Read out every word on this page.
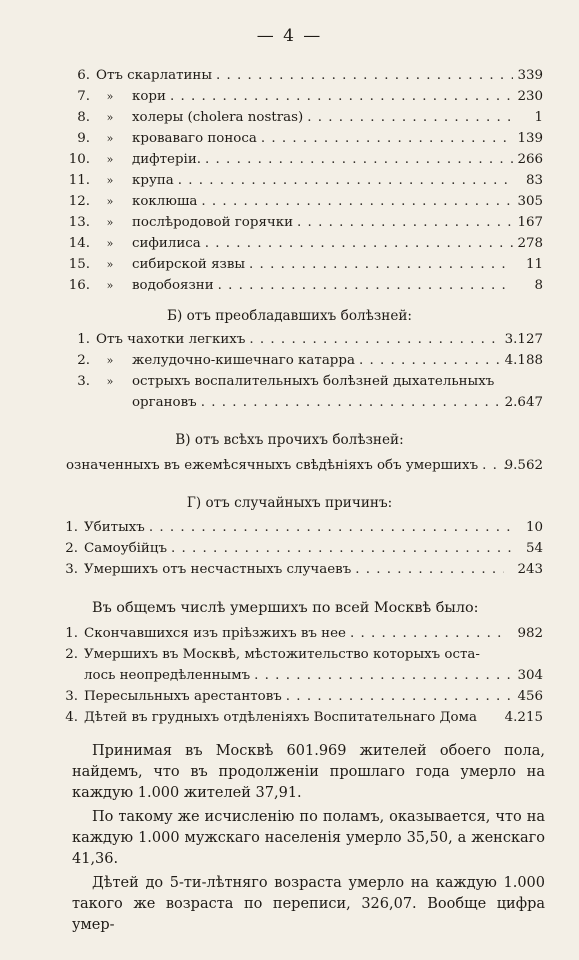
— 4 —
6. Отъ скарлатины . . .	339
7.	»	кори . . .	230
8.	»	холеры (cholera nostras) . . .	1
9.	»	кровавaго поноса . . .	139
10.	»	дифтеріи. . . .	266
11.	»	крупа . . .	83
12.	»	коклюша . . .	305
13.	»	послѣродовой горячки . . .	167
14.	»	сифилиса . . .	278
15.	»	сибирской язвы . . .	11
16.	»	водобоязни . . .	8
Б) отъ преобладавшихъ болѣзней:
1. Отъ чахотки легкихъ . . .	3.127
2.	»	желудочно-кишечнаго катарра . . .	4.188
3.	»	острыхъ воспалительныхъ болѣзней дыхательныхъ
органовъ . . .	2.647
В) отъ всѣхъ прочихъ болѣзней:
означенныхъ въ ежемѣсячныхъ свѣдѣніяхъ объ умершихъ . . . 9.562
Г) отъ случайныхъ причинъ:
1. Убитыхъ . . .	10
2. Самоубійцъ . . .	54
3. Умершихъ отъ несчастныхъ случаевъ . . .	243
Въ общемъ числѣ умершихъ по всей Москвѣ было:
1. Скончавшихся изъ пріѣзжихъ въ нее . . .	982
2. Умершихъ въ Москвѣ, мѣстожительство которыхъ оста-
лось неопредѣленнымъ . . .	304
3. Пересыльныхъ арестантовъ . . .	456
4. Дѣтей въ грудныхъ отдѣленіяхъ Воспитательнаго Дома 4.215
Принимая въ Москвѣ 601.969 жителей обоего пола, найдемъ, что въ продолженіи прошлаго года умерло на каждую 1.000 жителей 37,91.
По такому же исчисленію по поламъ, оказывается, что на каждую 1.000 мужскаго населенія умерло 35,50, а женскаго 41,36.
Дѣтей до 5-ти-лѣтняго возраста умерло на каждую 1.000 такого же возраста по переписи, 326,07. Вообще цифра умер-
